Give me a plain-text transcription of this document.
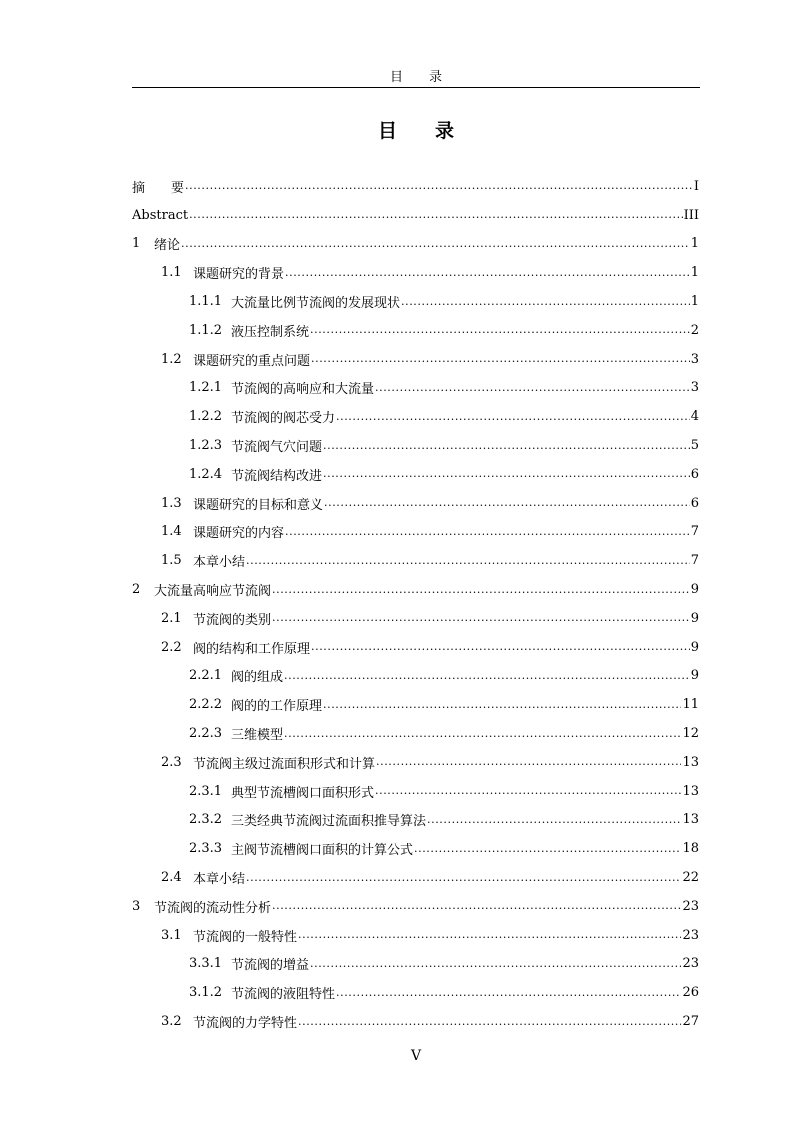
目　　录
目　　录
摘　　要 .....	I
Abstract .....	III
1	绪论 .....	1
1.1 课题研究的背景 .....	1
1.1.1 大流量比例节流阀的发展现状 .....	1
1.1.2 液压控制系统 .....	2
1.2 课题研究的重点问题 .....	3
1.2.1 节流阀的高响应和大流量 .....	3
1.2.2 节流阀的阀芯受力 .....	4
1.2.3 节流阀气穴问题 .....	5
1.2.4 节流阀结构改进 .....	6
1.3 课题研究的目标和意义 .....	6
1.4 课题研究的内容 .....	7
1.5 本章小结 .....	7
2	大流量高响应节流阀 .....	9
2.1 节流阀的类别 .....	9
2.2 阀的结构和工作原理 .....	9
2.2.1 阀的组成 .....	9
2.2.2 阀的的工作原理 .....	11
2.2.3 三维模型 .....	12
2.3 节流阀主级过流面积形式和计算 .....	13
2.3.1 典型节流槽阀口面积形式 .....	13
2.3.2 三类经典节流阀过流面积推导算法 .....	13
2.3.3 主阀节流槽阀口面积的计算公式 .....	18
2.4 本章小结 .....	22
3	节流阀的流动性分析 .....	23
3.1 节流阀的一般特性 .....	23
3.3.1 节流阀的增益 .....	23
3.1.2 节流阀的液阻特性 .....	26
3.2 节流阀的力学特性 .....	27
V
